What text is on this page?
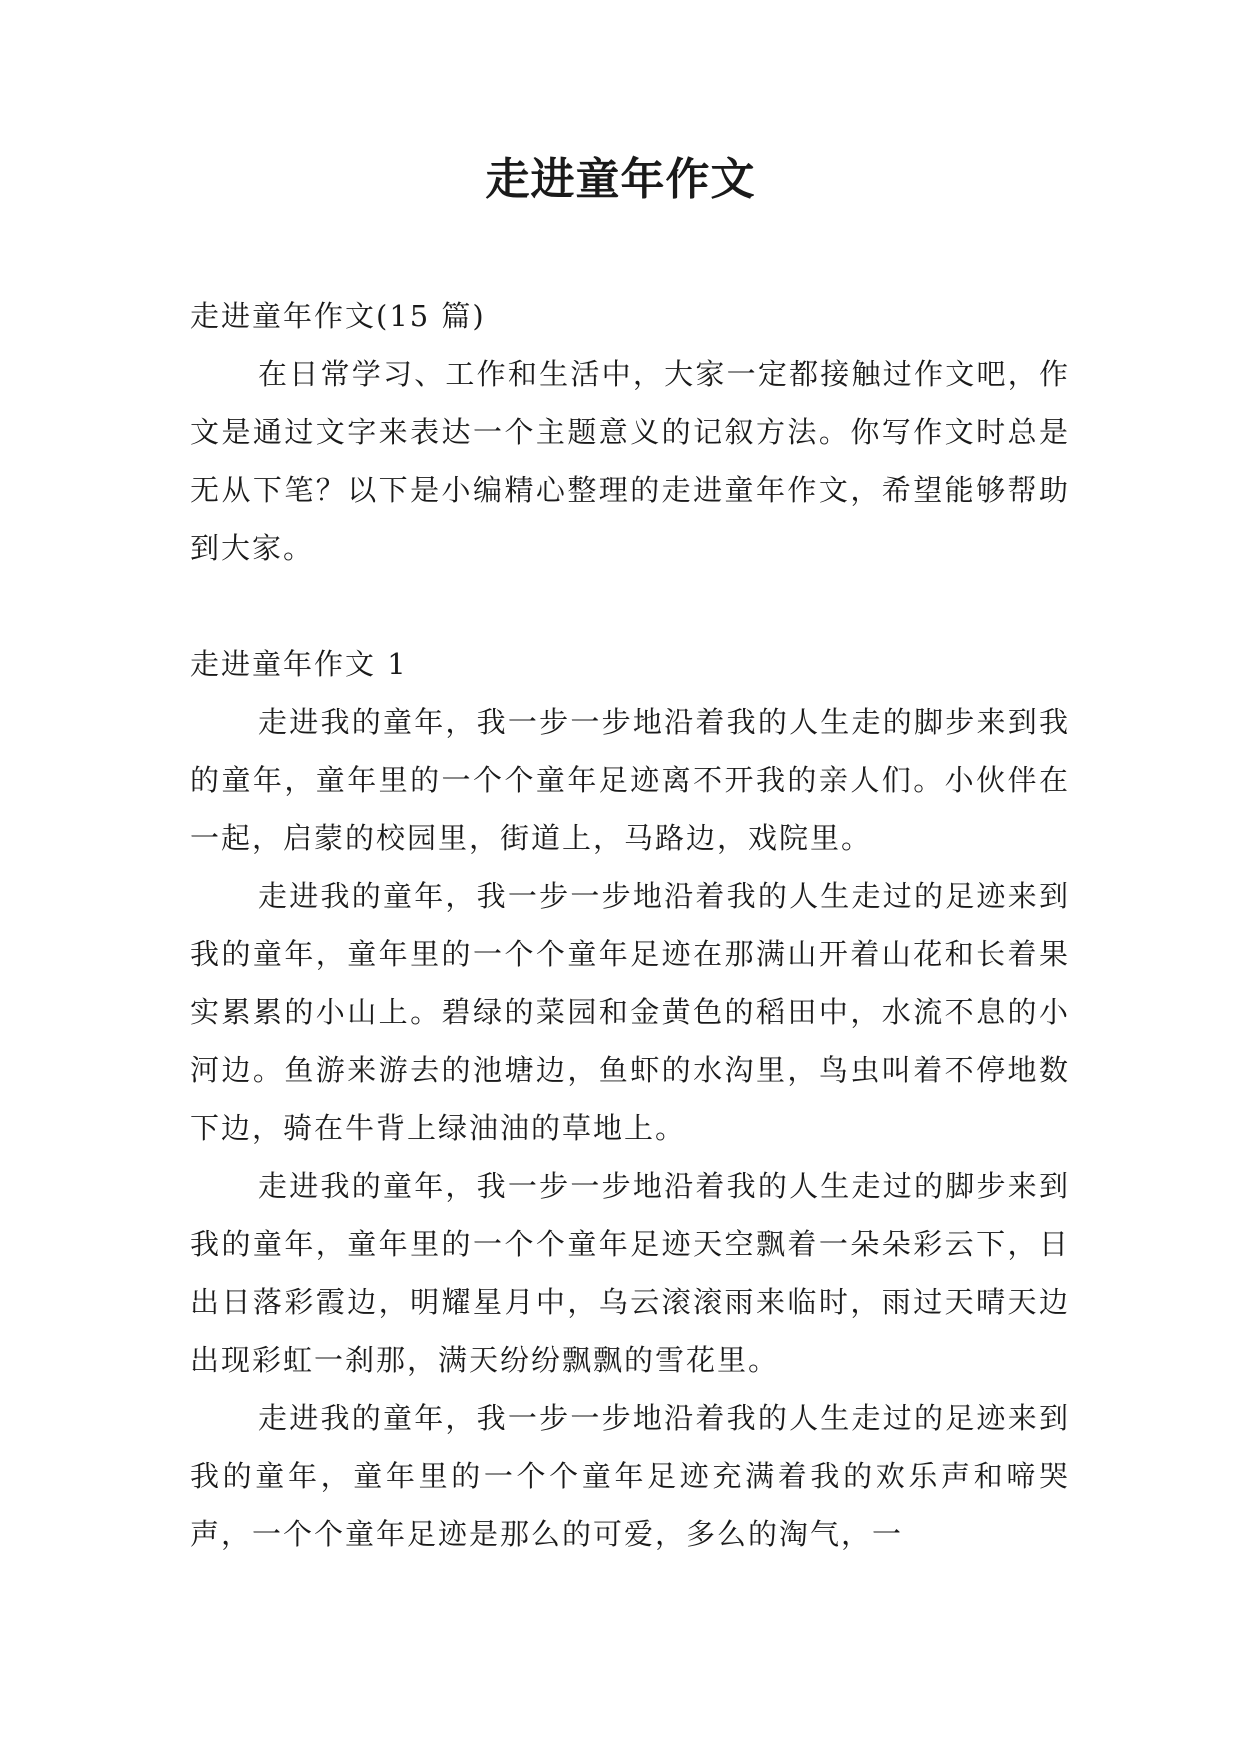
走进童年作文

走进童年作文(15 篇)

在日常学习、工作和生活中，大家一定都接触过作文吧，作文是通过文字来表达一个主题意义的记叙方法。你写作文时总是无从下笔？以下是小编精心整理的走进童年作文，希望能够帮助到大家。

走进童年作文 1

走进我的童年，我一步一步地沿着我的人生走的脚步来到我的童年，童年里的一个个童年足迹离不开我的亲人们。小伙伴在一起，启蒙的校园里，街道上，马路边，戏院里。

走进我的童年，我一步一步地沿着我的人生走过的足迹来到我的童年，童年里的一个个童年足迹在那满山开着山花和长着果实累累的小山上。碧绿的菜园和金黄色的稻田中，水流不息的小河边。鱼游来游去的池塘边，鱼虾的水沟里，鸟虫叫着不停地数下边，骑在牛背上绿油油的草地上。

走进我的童年，我一步一步地沿着我的人生走过的脚步来到我的童年，童年里的一个个童年足迹天空飘着一朵朵彩云下，日出日落彩霞边，明耀星月中，乌云滚滚雨来临时，雨过天晴天边出现彩虹一刹那，满天纷纷飘飘的雪花里。

走进我的童年，我一步一步地沿着我的人生走过的足迹来到我的童年，童年里的一个个童年足迹充满着我的欢乐声和啼哭声，一个个童年足迹是那么的可爱，多么的淘气，一
